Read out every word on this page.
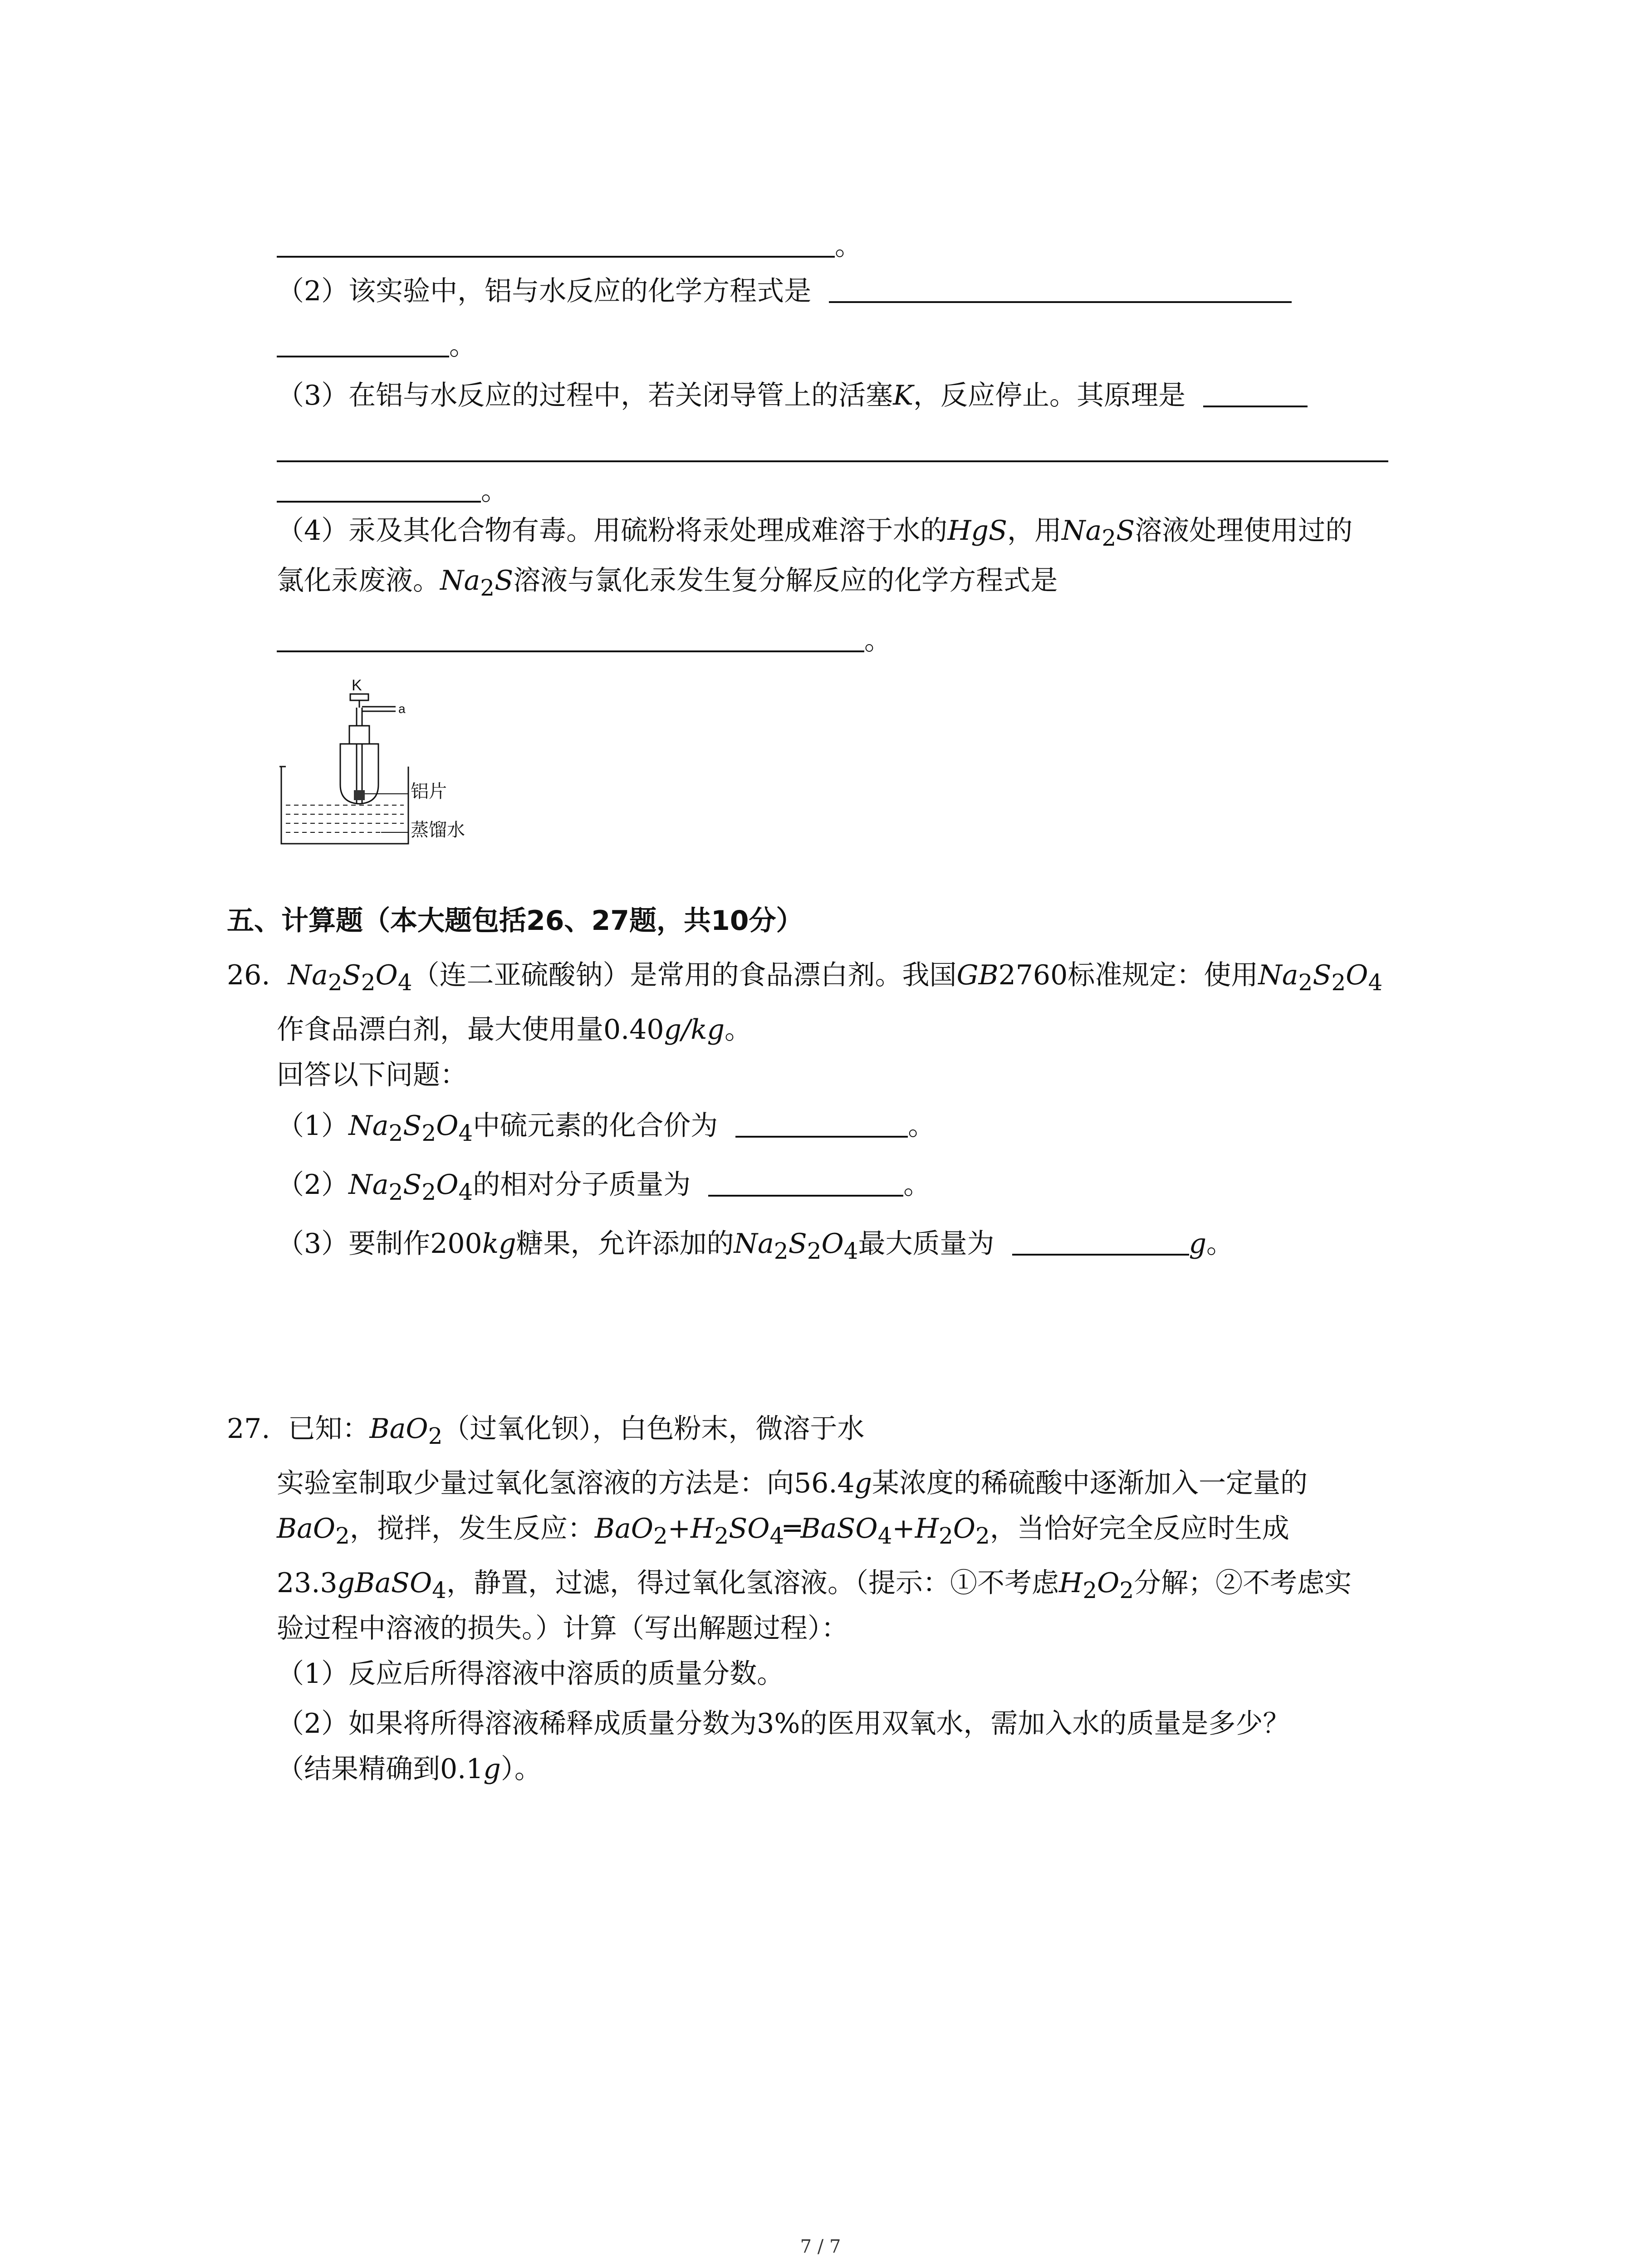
。
（2）该实验中，铝与水反应的化学方程式是
。
（3）在铝与水反应的过程中，若关闭导管上的活塞K，反应停止。其原理是
。
（4）汞及其化合物有毒。用硫粉将汞处理成难溶于水的HgS，用$Na_2S$溶液处理使用过的
氯化汞废液。$Na_2S$溶液与氯化汞发生复分解反应的化学方程式是
。
K
a
铝片
蒸馏水
五、计算题（本大题包括26、27题，共10分）
26. $Na_2S_2O_4$（连二亚硫酸钠）是常用的食品漂白剂。我国GB2760标准规定：使用$Na_2S_2O_4$
作食品漂白剂，最大使用量0.40g/kg。
回答以下问题：
$(1)Na_2S_2O_4$中硫元素的化合价为	。
$(2)Na_2S_2O_4$的相对分子质量为	。
（3）要制作200kg糖果，允许添加的$Na_2S_2O_4$最大质量为	g。
27. 已知：BaO$_2$（过氧化钡），白色粉末，微溶于水
实验室制取少量过氧化氢溶液的方法是：向56.4g某浓度的稀硫酸中逐渐加入一定量的
BaO$_2$，搅拌，发生反应：$BaO_2+H_2SO_4═BaSO_4+H_2O_2$，当恰好完全反应时生成
23.3gBaSO$_4$，静置，过滤，得过氧化氢溶液。（提示：①不考虑$H_2O_2$分解；②不考虑实
验过程中溶液的损失。）计算（写出解题过程）：
（1）反应后所得溶液中溶质的质量分数。
（2）如果将所得溶液稀释成质量分数为3%的医用双氧水，需加入水的质量是多少？
（结果精确到0.1g）。
7 / 7
